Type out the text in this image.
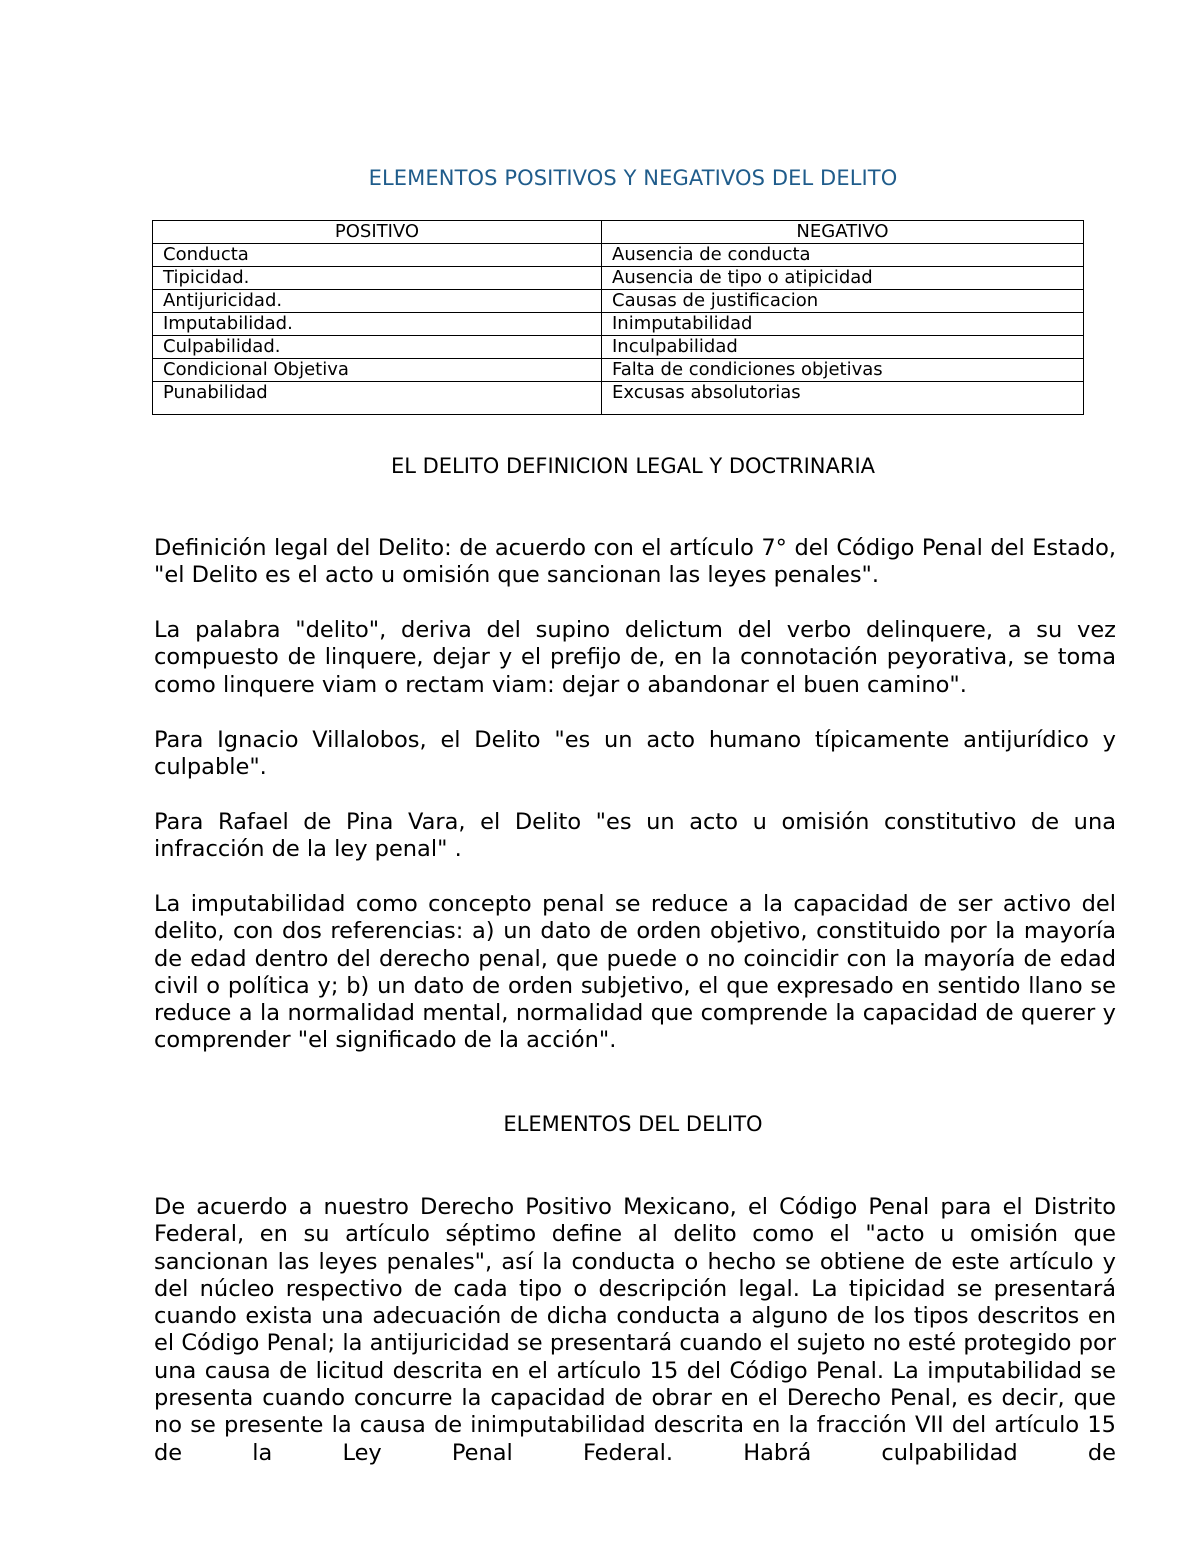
ELEMENTOS POSITIVOS Y NEGATIVOS DEL DELITO
POSITIVO	NEGATIVO
Conducta	Ausencia de conducta
Tipicidad.	Ausencia de tipo o atipicidad
Antijuricidad.	Causas de justificacion
Imputabilidad.	Inimputabilidad
Culpabilidad.	Inculpabilidad
Condicional Objetiva	Falta de condiciones objetivas
Punabilidad	Excusas absolutorias
EL DELITO DEFINICION LEGAL Y DOCTRINARIA

Definición legal del Delito: de acuerdo con el artículo 7° del Código Penal del Estado, "el Delito es el acto u omisión que sancionan las leyes penales".

La palabra "delito", deriva del supino delictum del verbo delinquere, a su vez compuesto de linquere, dejar y el prefijo de, en la connotación peyorativa, se toma como linquere viam o rectam viam: dejar o abandonar el buen camino".

Para Ignacio Villalobos, el Delito "es un acto humano típicamente antijurídico y culpable".

Para Rafael de Pina Vara, el Delito "es un acto u omisión constitutivo de una infracción de la ley penal" .

La imputabilidad como concepto penal se reduce a la capacidad de ser activo del delito, con dos referencias: a) un dato de orden objetivo, constituido por la mayoría de edad dentro del derecho penal, que puede o no coincidir con la mayoría de edad civil o política y; b) un dato de orden subjetivo, el que expresado en sentido llano se reduce a la normalidad mental, normalidad que comprende la capacidad de querer y comprender "el significado de la acción".

ELEMENTOS DEL DELITO

De acuerdo a nuestro Derecho Positivo Mexicano, el Código Penal para el Distrito Federal, en su artículo séptimo define al delito como el "acto u omisión que sancionan las leyes penales", así la conducta o hecho se obtiene de este artículo y del núcleo respectivo de cada tipo o descripción legal. La tipicidad se presentará cuando exista una adecuación de dicha conducta a alguno de los tipos descritos en el Código Penal; la antijuricidad se presentará cuando el sujeto no esté protegido por una causa de licitud descrita en el artículo 15 del Código Penal. La imputabilidad se presenta cuando concurre la capacidad de obrar en el Derecho Penal, es decir, que no se presente la causa de inimputabilidad descrita en la fracción VII del artículo 15 de la Ley Penal Federal. Habrá culpabilidad de
